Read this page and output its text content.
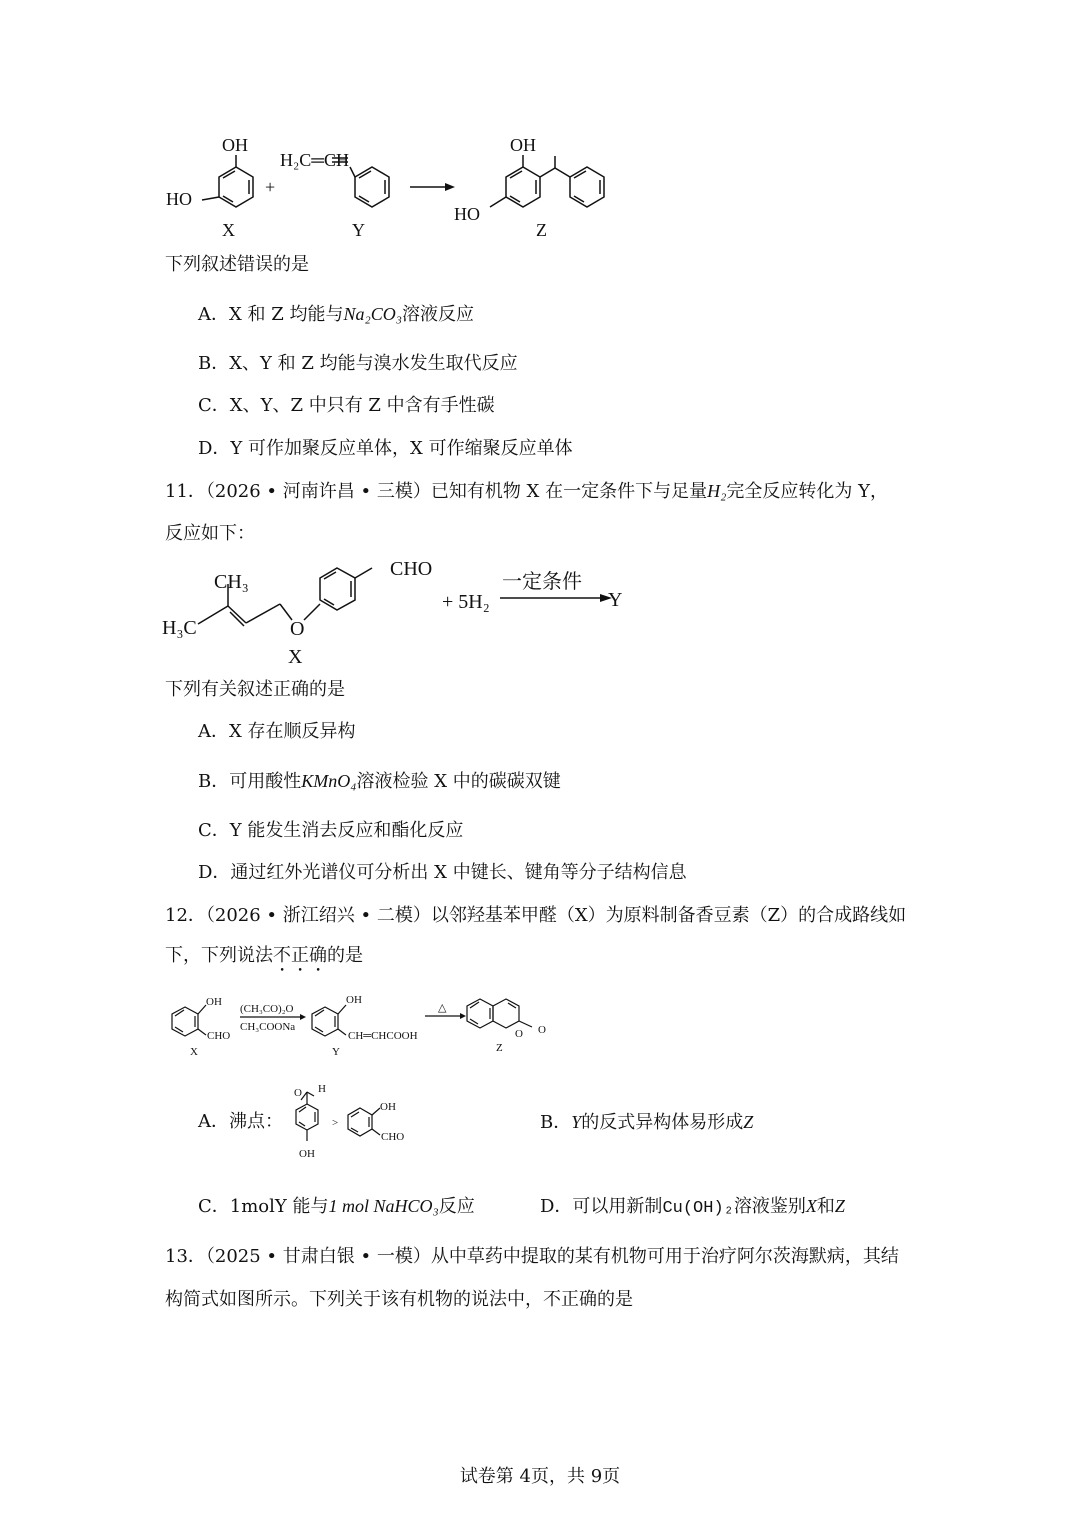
OH
HO
X
+
H₂C═CH
Y
OH
HO
Z
下列叙述错误的是
A．X 和 Z 均能与Na₂CO₃溶液反应
B．X、Y 和 Z 均能与溴水发生取代反应
C．X、Y、Z 中只有 Z 中含有手性碳
D．Y 可作加聚反应单体，X 可作缩聚反应单体
11．（2026 • 河南许昌 • 三模）已知有机物 X 在一定条件下与足量H₂完全反应转化为 Y，
反应如下：
CH₃
H₃C	O
CHO
+ 5H₂
一定条件
Y
X
下列有关叙述正确的是
A．X 存在顺反异构
B．可用酸性KMnO₄溶液检验 X 中的碳碳双键
C．Y 能发生消去反应和酯化反应
D．通过红外光谱仪可分析出 X 中键长、键角等分子结构信息
12．（2026 • 浙江绍兴 • 二模）以邻羟基苯甲醛（X）为原料制备香豆素（Z）的合成路线如
下，下列说法不正确的是
OH
CHO
X
(CH₃CO)₂O
CH₃COONa
OH
CH═CHCOOH
Y
△
O O
Z
A．沸点：
O H
OH
>
OH
CHO
B．Y的反式异构体易形成Z
C．1molY 能与1 mol NaHCO₃反应	D．可以用新制Cu(OH)₂溶液鉴别X和Z
13．（2025 • 甘肃白银 • 一模）从中草药中提取的某有机物可用于治疗阿尔茨海默病，其结
构简式如图所示。下列关于该有机物的说法中，不正确的是
试卷第 4页，共 9页
